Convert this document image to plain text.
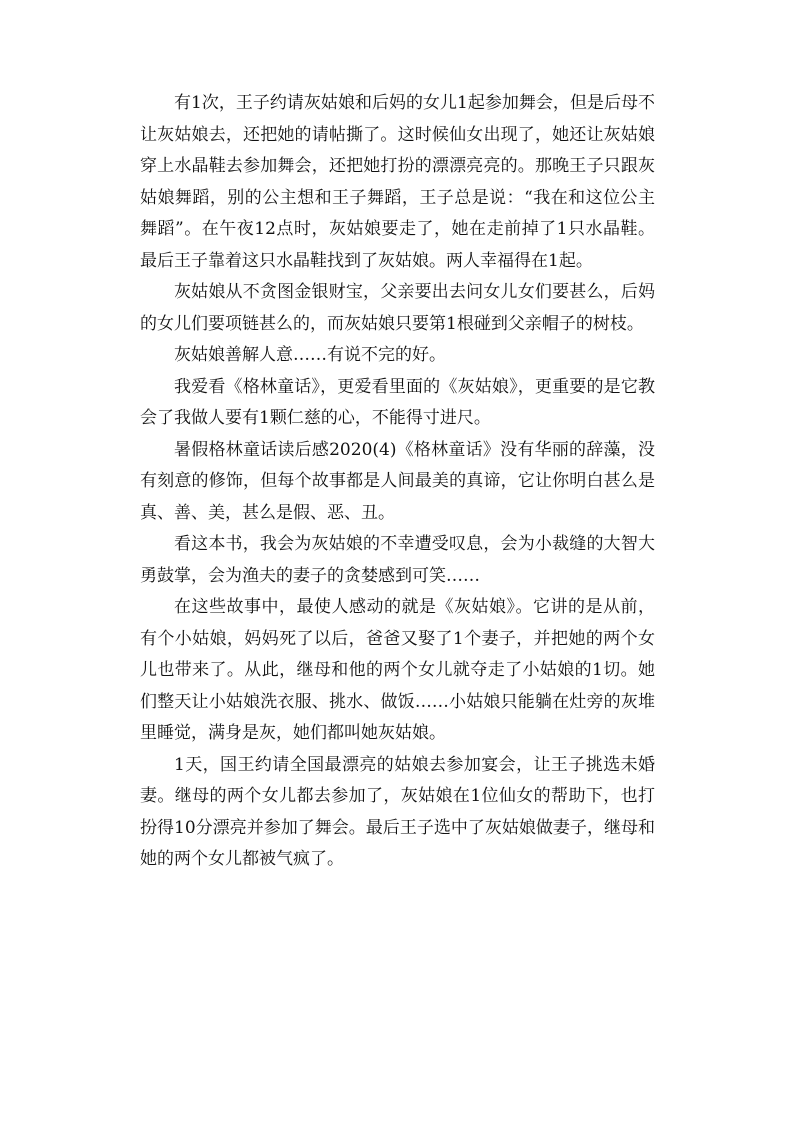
有1次，王子约请灰姑娘和后妈的女儿1起参加舞会，但是后母不让灰姑娘去，还把她的请帖撕了。这时候仙女出现了，她还让灰姑娘穿上水晶鞋去参加舞会，还把她打扮的漂漂亮亮的。那晚王子只跟灰姑娘舞蹈，别的公主想和王子舞蹈，王子总是说：“我在和这位公主舞蹈”。在午夜12点时，灰姑娘要走了，她在走前掉了1只水晶鞋。最后王子靠着这只水晶鞋找到了灰姑娘。两人幸福得在1起。

灰姑娘从不贪图金银财宝，父亲要出去问女儿女们要甚么，后妈的女儿们要项链甚么的，而灰姑娘只要第1根碰到父亲帽子的树枝。

灰姑娘善解人意……有说不完的好。

我爱看《格林童话》，更爱看里面的《灰姑娘》，更重要的是它教会了我做人要有1颗仁慈的心，不能得寸进尺。

暑假格林童话读后感2020(4)《格林童话》没有华丽的辞藻，没有刻意的修饰，但每个故事都是人间最美的真谛，它让你明白甚么是真、善、美，甚么是假、恶、丑。

看这本书，我会为灰姑娘的不幸遭受叹息，会为小裁缝的大智大勇鼓掌，会为渔夫的妻子的贪婪感到可笑……

在这些故事中，最使人感动的就是《灰姑娘》。它讲的是从前，有个小姑娘，妈妈死了以后，爸爸又娶了1个妻子，并把她的两个女儿也带来了。从此，继母和他的两个女儿就夺走了小姑娘的1切。她们整天让小姑娘洗衣服、挑水、做饭……小姑娘只能躺在灶旁的灰堆里睡觉，满身是灰，她们都叫她灰姑娘。

1天，国王约请全国最漂亮的姑娘去参加宴会，让王子挑选未婚妻。继母的两个女儿都去参加了，灰姑娘在1位仙女的帮助下，也打扮得10分漂亮并参加了舞会。最后王子选中了灰姑娘做妻子，继母和她的两个女儿都被气疯了。
